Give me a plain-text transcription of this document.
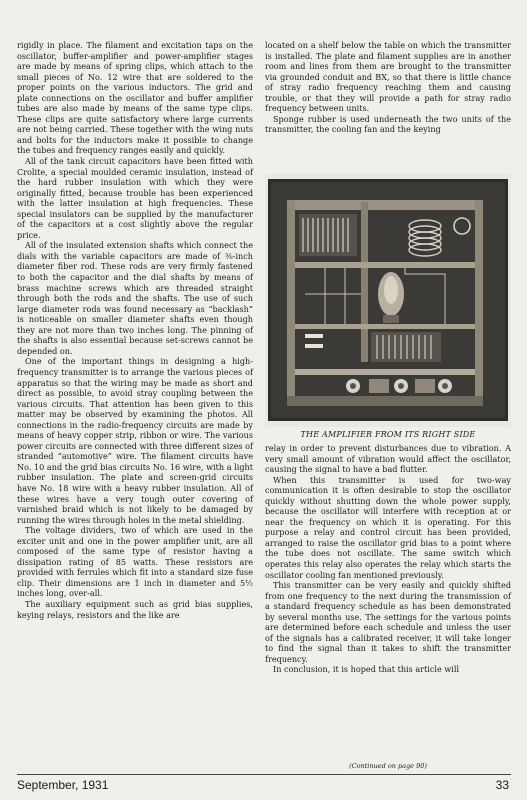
rigidly in place. The filament and excitation taps on the oscillator, buffer-amplifier and power-amplifier stages are made by means of spring clips, which attach to the small pieces of No. 12 wire that are soldered to the proper points on the various inductors. The grid and plate connections on the oscillator and buffer amplifier tubes are also made by means of the same type clips. These clips are quite satisfactory where large currents are not being carried. These together with the wing nuts and bolts for the inductors make it possible to change the tubes and frequency ranges easily and quickly.

All of the tank circuit capacitors have been fitted with Crolite, a special moulded ceramic insulation, instead of the hard rubber insulation with which they were originally fitted, because trouble has been experienced with the latter insulation at high frequencies. These special insulators can be supplied by the manufacturer of the capacitors at a cost slightly above the regular price.

All of the insulated extension shafts which connect the dials with the variable capacitors are made of ⅜-inch diameter fiber rod. These rods are very firmly fastened to both the capacitor and the dial shafts by means of brass machine screws which are threaded straight through both the rods and the shafts. The use of such large diameter rods was found necessary as “backlash” is noticeable on smaller diameter shafts even though they are not more than two inches long. The pinning of the shafts is also essential because set-screws cannot be depended on.

One of the important things in designing a high-frequency transmitter is to arrange the various pieces of apparatus so that the wiring may be made as short and direct as possible, to avoid stray coupling between the various circuits. That attention has been given to this matter may be observed by examining the photos. All connections in the radio-frequency circuits are made by means of heavy copper strip, ribbon or wire. The various power circuits are connected with three different sizes of stranded “automotive” wire. The filament circuits have No. 10 and the grid bias circuits No. 16 wire, with a light rubber insulation. The plate and screen-grid circuits have No. 18 wire with a heavy rubber insulation. All of these wires have a very tough outer covering of varnished braid which is not likely to be damaged by running the wires through holes in the metal shielding.

The voltage dividers, two of which are used in the exciter unit and one in the power amplifier unit, are all composed of the same type of resistor having a dissipation rating of 85 watts. These resistors are provided with ferrules which fit into a standard size fuse clip. Their dimensions are 1 inch in diameter and 5½ inches long, over-all.

The auxiliary equipment such as grid bias supplies, keying relays, resistors and the like are

located on a shelf below the table on which the transmitter is installed. The plate and filament supplies are in another room and lines from them are brought to the transmitter via grounded conduit and BX, so that there is little chance of stray radio frequency reaching them and causing trouble, or that they will provide a path for stray radio frequency between units.

Sponge rubber is used underneath the two units of the transmitter, the cooling fan and the keying

THE AMPLIFIER FROM ITS RIGHT SIDE

relay in order to prevent disturbances due to vibration. A very small amount of vibration would affect the oscillator, causing the signal to have a bad flutter.

When this transmitter is used for two-way communication it is often desirable to stop the oscillator quickly without shutting down the whole power supply, because the oscillator will interfere with reception at or near the frequency on which it is operating. For this purpose a relay and control circuit has been provided, arranged to raise the oscillator grid bias to a point where the tube does not oscillate. The same switch which operates this relay also operates the relay which starts the oscillator cooling fan mentioned previously.

This transmitter can be very easily and quickly shifted from one frequency to the next during the transmission of a standard frequency schedule as has been demonstrated by several months use. The settings for the various points are determined before each schedule and unless the user of the signals has a calibrated receiver, it will take longer to find the signal than it takes to shift the transmitter frequency.

In conclusion, it is hoped that this article will

(Continued on page 90)
September, 1931	33
